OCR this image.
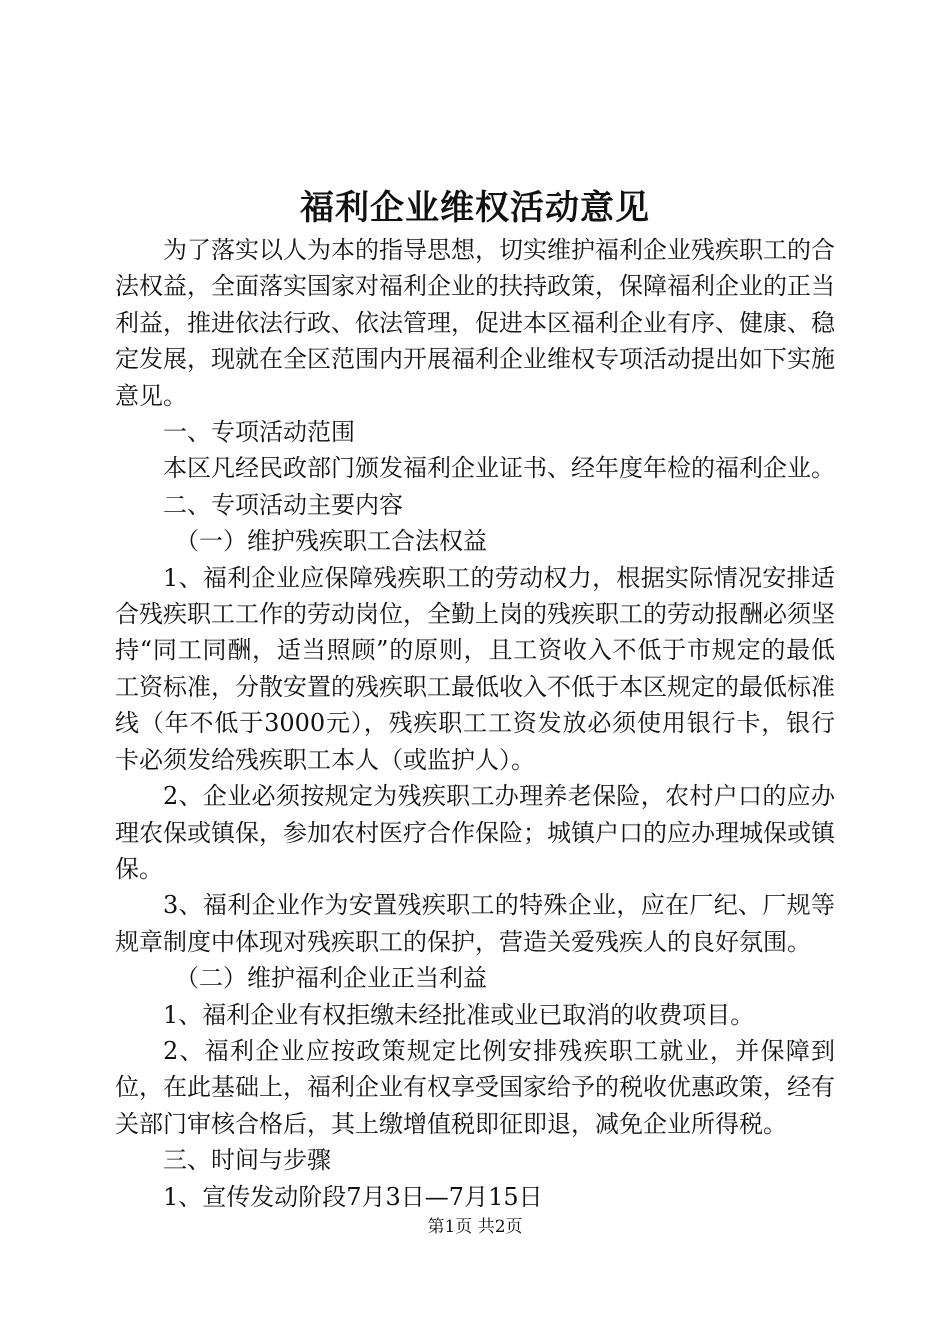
福利企业维权活动意见

为了落实以人为本的指导思想，切实维护福利企业残疾职工的合法权益，全面落实国家对福利企业的扶持政策，保障福利企业的正当利益，推进依法行政、依法管理，促进本区福利企业有序、健康、稳定发展，现就在全区范围内开展福利企业维权专项活动提出如下实施意见。

一、专项活动范围

本区凡经民政部门颁发福利企业证书、经年度年检的福利企业。

二、专项活动主要内容

（一）维护残疾职工合法权益

1、福利企业应保障残疾职工的劳动权力，根据实际情况安排适合残疾职工工作的劳动岗位，全勤上岗的残疾职工的劳动报酬必须坚持“同工同酬，适当照顾”的原则，且工资收入不低于市规定的最低工资标准，分散安置的残疾职工最低收入不低于本区规定的最低标准线（年不低于3000元），残疾职工工资发放必须使用银行卡，银行卡必须发给残疾职工本人（或监护人）。

2、企业必须按规定为残疾职工办理养老保险，农村户口的应办理农保或镇保，参加农村医疗合作保险；城镇户口的应办理城保或镇保。

3、福利企业作为安置残疾职工的特殊企业，应在厂纪、厂规等规章制度中体现对残疾职工的保护，营造关爱残疾人的良好氛围。

（二）维护福利企业正当利益

1、福利企业有权拒缴未经批准或业已取消的收费项目。

2、福利企业应按政策规定比例安排残疾职工就业，并保障到位，在此基础上，福利企业有权享受国家给予的税收优惠政策，经有关部门审核合格后，其上缴增值税即征即退，减免企业所得税。

三、时间与步骤

1、宣传发动阶段7月3日—7月15日

第1页 共2页
